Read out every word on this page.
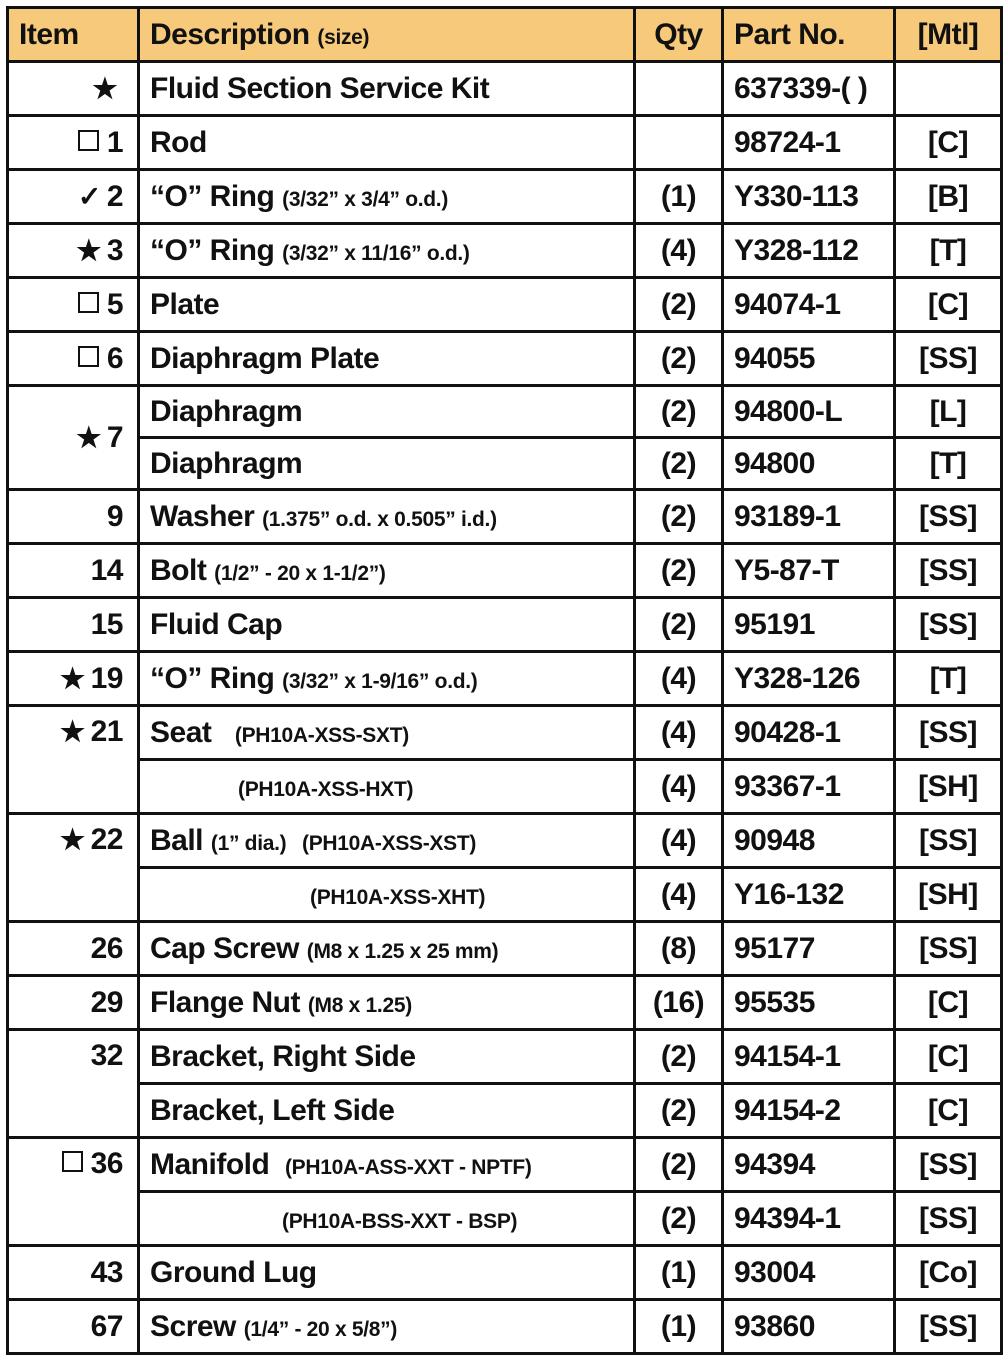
Item	Description (size)	Qty	Part No.	[Mtl]
★	Fluid Section Service Kit		637339-( )	
1	Rod		98724-1	[C]
✓ 2	“O” Ring (3/32” x 3/4” o.d.)	(1)	Y330-113	[B]
★ 3	“O” Ring (3/32” x 11/16” o.d.)	(4)	Y328-112	[T]
5	Plate	(2)	94074-1	[C]
6	Diaphragm Plate	(2)	94055	[SS]
★ 7	Diaphragm	(2)	94800-L	[L]
	Diaphragm	(2)	94800	[T]
9	Washer (1.375” o.d. x 0.505” i.d.)	(2)	93189-1	[SS]
14	Bolt (1/2” - 20 x 1-1/2”)	(2)	Y5-87-T	[SS]
15	Fluid Cap	(2)	95191	[SS]
★ 19	“O” Ring (3/32” x 1-9/16” o.d.)	(4)	Y328-126	[T]
★ 21	Seat (PH10A-XSS-SXT)	(4)	90428-1	[SS]
	(PH10A-XSS-HXT)	(4)	93367-1	[SH]
★ 22	Ball (1” dia.) (PH10A-XSS-XST)	(4)	90948	[SS]
	(PH10A-XSS-XHT)	(4)	Y16-132	[SH]
26	Cap Screw (M8 x 1.25 x 25 mm)	(8)	95177	[SS]
29	Flange Nut (M8 x 1.25)	(16)	95535	[C]
32	Bracket, Right Side	(2)	94154-1	[C]
	Bracket, Left Side	(2)	94154-2	[C]
36	Manifold (PH10A-ASS-XXT - NPTF)	(2)	94394	[SS]
	(PH10A-BSS-XXT - BSP)	(2)	94394-1	[SS]
43	Ground Lug	(1)	93004	[Co]
67	Screw (1/4” - 20 x 5/8”)	(1)	93860	[SS]
